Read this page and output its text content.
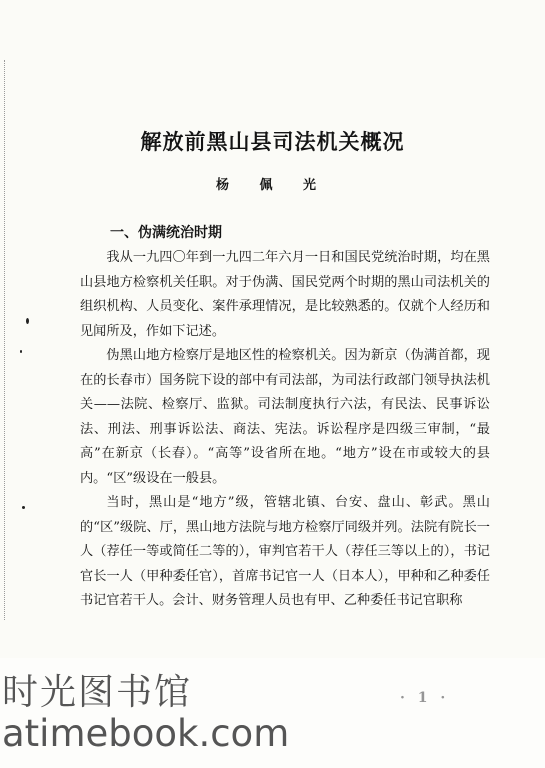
解放前黑山县司法机关概况
杨 佩 光
一、伪满统治时期

我从一九四〇年到一九四二年六月一日和国民党统治时期，均在黑山县地方检察机关任职。对于伪满、国民党两个时期的黑山司法机关的组织机构、人员变化、案件承理情况，是比较熟悉的。仅就个人经历和见闻所及，作如下记述。

伪黑山地方检察厅是地区性的检察机关。因为新京（伪满首都，现在的长春市）国务院下设的部中有司法部，为司法行政部门领导执法机关——法院、检察厅、监狱。司法制度执行六法，有民法、民事诉讼法、刑法、刑事诉讼法、商法、宪法。诉讼程序是四级三审制，“最高”在新京（长春）。“高等”设省所在地。“地方”设在市或较大的县内。“区”级设在一般县。

当时，黑山是“地方”级，管辖北镇、台安、盘山、彰武。黑山的“区”级院、厅，黑山地方法院与地方检察厅同级并列。法院有院长一人（荐任一等或简任二等的），审判官若干人（荐任三等以上的），书记官长一人（甲种委任官），首席书记官一人（日本人），甲种和乙种委任书记官若干人。会计、财务管理人员也有甲、乙种委任书记官职称

时光图书馆
atimebook.com
